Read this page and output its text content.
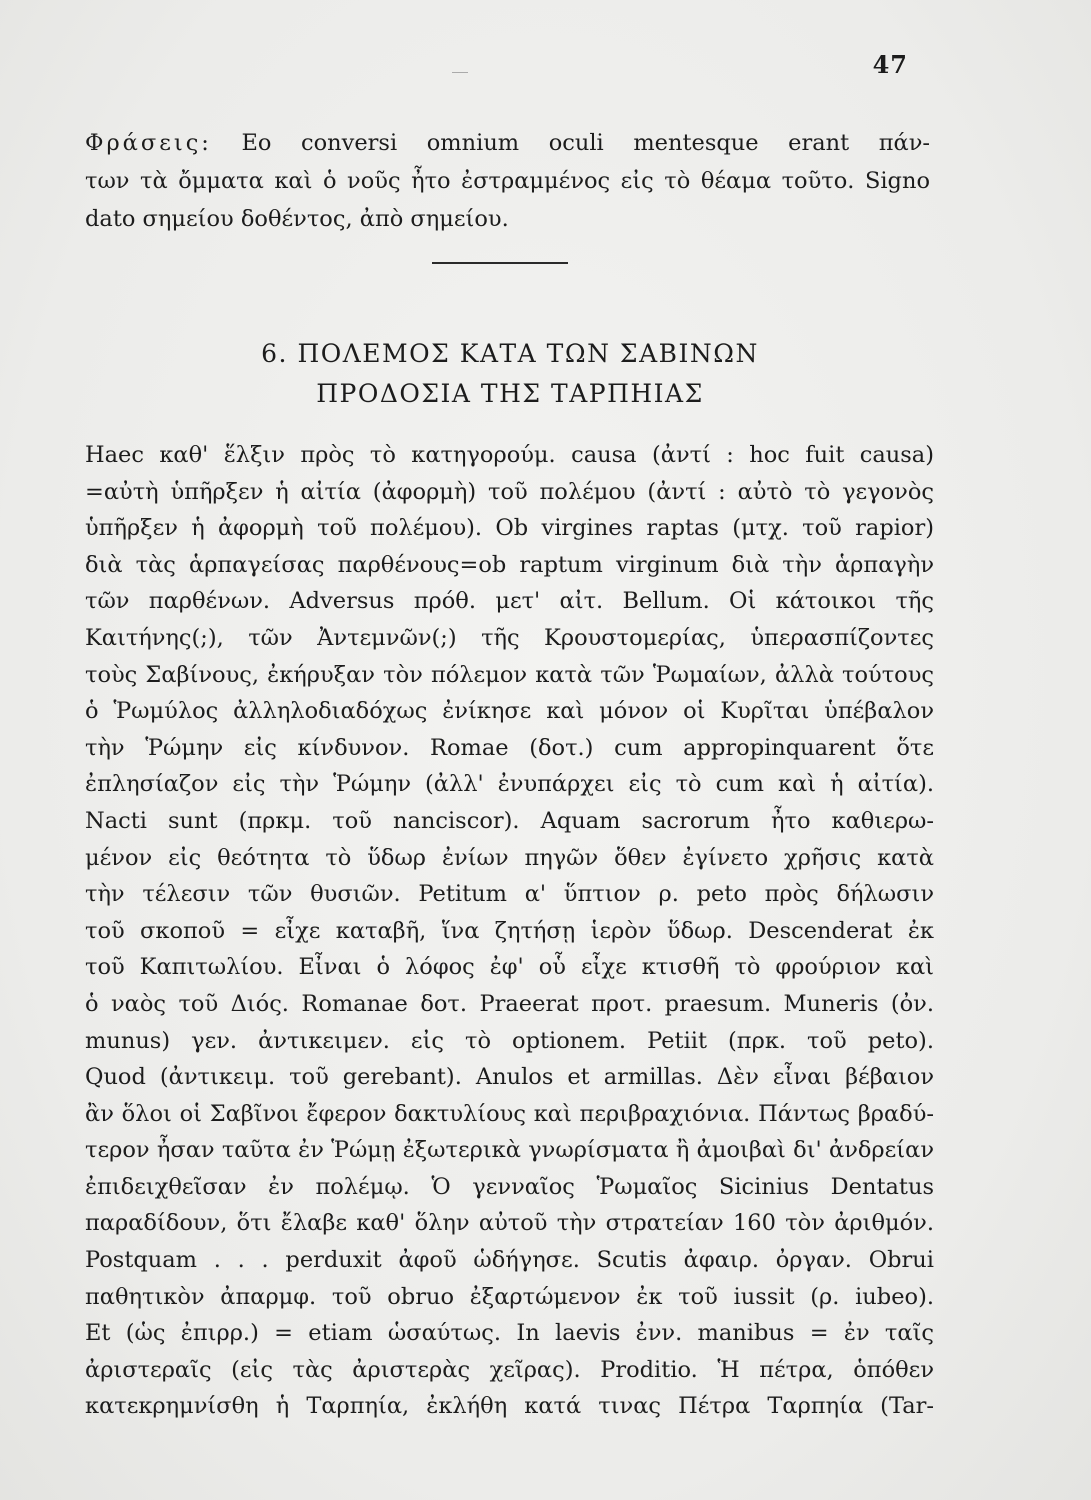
47
Φράσεις: Eo conversi omnium oculi mentesque erant πάν-
των τὰ ὄμματα καὶ ὁ νοῦς ἦτο ἐστραμμένος εἰς τὸ θέαμα τοῦτο. Signo
dato σημείου δοθέντος, ἀπὸ σημείου.
6. ΠΟΛΕΜΟΣ ΚΑΤΑ ΤΩΝ ΣΑΒΙΝΩΝ
ΠΡΟΔΟΣΙΑ ΤΗΣ ΤΑΡΠΗΙΑΣ
Haec καθ' ἕλξιν πρὸς τὸ κατηγορούμ. causa (ἀντί : hoc fuit causa)
=αὐτὴ ὑπῆρξεν ἡ αἰτία (ἀφορμὴ) τοῦ πολέμου (ἀντί : αὐτὸ τὸ γεγονὸς
ὑπῆρξεν ἡ ἀφορμὴ τοῦ πολέμου). Ob virgines raptas (μτχ. τοῦ rapior)
διὰ τὰς ἁρπαγείσας παρθένους=ob raptum virginum διὰ τὴν ἁρπαγὴν
τῶν παρθένων. Adversus πρόθ. μετ' αἰτ. Bellum. Οἱ κάτοικοι τῆς
Καιτήνης(;), τῶν Ἀντεμνῶν(;) τῆς Κρουστομερίας, ὑπερασπίζοντες
τοὺς Σαβίνους, ἐκήρυξαν τὸν πόλεμον κατὰ τῶν Ῥωμαίων, ἀλλὰ τούτους
ὁ Ῥωμύλος ἀλληλοδιαδόχως ἐνίκησε καὶ μόνον οἱ Κυρῖται ὑπέβαλον
τὴν Ῥώμην εἰς κίνδυνον. Romae (δοτ.) cum appropinquarent ὅτε
ἐπλησίαζον εἰς τὴν Ῥώμην (ἀλλ' ἐνυπάρχει εἰς τὸ cum καὶ ἡ αἰτία).
Nacti sunt (πρκμ. τοῦ nanciscor). Aquam sacrorum ἦτο καθιερω-
μένον εἰς θεότητα τὸ ὕδωρ ἐνίων πηγῶν ὅθεν ἐγίνετο χρῆσις κατὰ
τὴν τέλεσιν τῶν θυσιῶν. Petitum α' ὕπτιον ρ. peto πρὸς δήλωσιν
τοῦ σκοποῦ = εἶχε καταβῆ, ἵνα ζητήσῃ ἱερὸν ὕδωρ. Descenderat ἐκ
τοῦ Καπιτωλίου. Εἶναι ὁ λόφος ἐφ' οὗ εἶχε κτισθῆ τὸ φρούριον καὶ
ὁ ναὸς τοῦ Διός. Romanae δοτ. Praeerat προτ. praesum. Muneris (ὀν.
munus) γεν. ἀντικειμεν. εἰς τὸ optionem. Petiit (πρκ. τοῦ peto).
Quod (ἀντικειμ. τοῦ gerebant). Anulos et armillas. Δὲν εἶναι βέβαιον
ἂν ὅλοι οἱ Σαβῖνοι ἔφερον δακτυλίους καὶ περιβραχιόνια. Πάντως βραδύ-
τερον ἦσαν ταῦτα ἐν Ῥώμῃ ἐξωτερικὰ γνωρίσματα ἢ ἀμοιβαὶ δι' ἀνδρείαν
ἐπιδειχθεῖσαν ἐν πολέμῳ. Ὁ γενναῖος Ῥωμαῖος Sicinius Dentatus
παραδίδουν, ὅτι ἔλαβε καθ' ὅλην αὐτοῦ τὴν στρατείαν 160 τὸν ἀριθμόν.
Postquam . . . perduxit ἀφοῦ ὡδήγησε. Scutis ἀφαιρ. ὀργαν. Obrui
παθητικὸν ἀπαρμφ. τοῦ obruo ἐξαρτώμενον ἐκ τοῦ iussit (ρ. iubeo).
Et (ὡς ἐπιρρ.) = etiam ὡσαύτως. In laevis ἐνν. manibus = ἐν ταῖς
ἀριστεραῖς (εἰς τὰς ἀριστερὰς χεῖρας). Proditio. Ἡ πέτρα, ὁπόθεν
κατεκρημνίσθη ἡ Ταρπηία, ἐκλήθη κατά τινας Πέτρα Ταρπηία (Tar-
